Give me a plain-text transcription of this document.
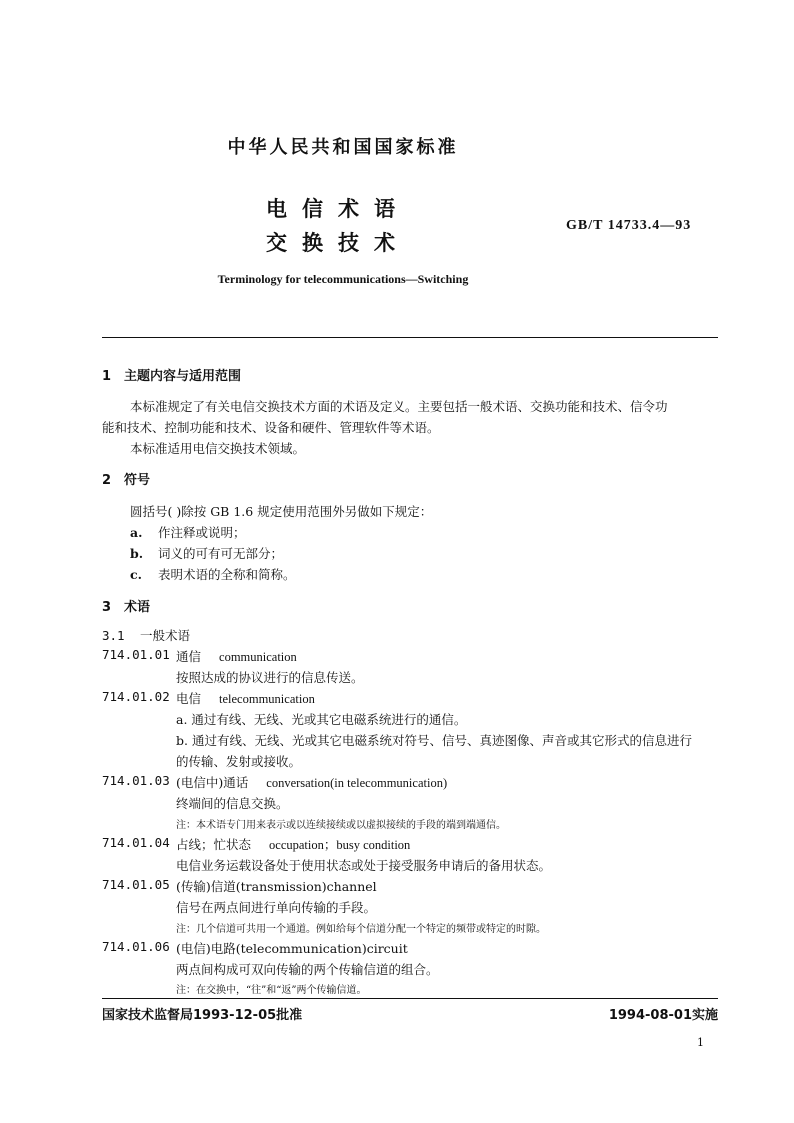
中华人民共和国国家标准
电信术语
交换技术
GB/T 14733.4—93
Terminology for telecommunications—Switching
1 主题内容与适用范围
本标准规定了有关电信交换技术方面的术语及定义。主要包括一般术语、交换功能和技术、信令功
能和技术、控制功能和技术、设备和硬件、管理软件等术语。
本标准适用电信交换技术领域。
2 符号
圆括号( )除按 GB 1.6 规定使用范围外另做如下规定：
a. 作注释或说明；
b. 词义的可有可无部分；
c. 表明术语的全称和简称。
3 术语
3.1 一般术语
714.01.01 通信 communication
按照达成的协议进行的信息传送。
714.01.02 电信 telecommunication
a. 通过有线、无线、光或其它电磁系统进行的通信。
b. 通过有线、无线、光或其它电磁系统对符号、信号、真迹图像、声音或其它形式的信息进行
的传输、发射或接收。
714.01.03 (电信中)通话 conversation(in telecommunication)
终端间的信息交换。
注：本术语专门用来表示或以连续接续或以虚拟接续的手段的端到端通信。
714.01.04 占线；忙状态 occupation；busy condition
电信业务运载设备处于使用状态或处于接受服务申请后的备用状态。
714.01.05 (传输)信道(transmission)channel
信号在两点间进行单向传输的手段。
注：几个信道可共用一个通道。例如给每个信道分配一个特定的频带或特定的时隙。
714.01.06 (电信)电路(telecommunication)circuit
两点间构成可双向传输的两个传输信道的组合。
注：在交换中，“往”和“返”两个传输信道。
国家技术监督局1993-12-05批准	1994-08-01实施
1
